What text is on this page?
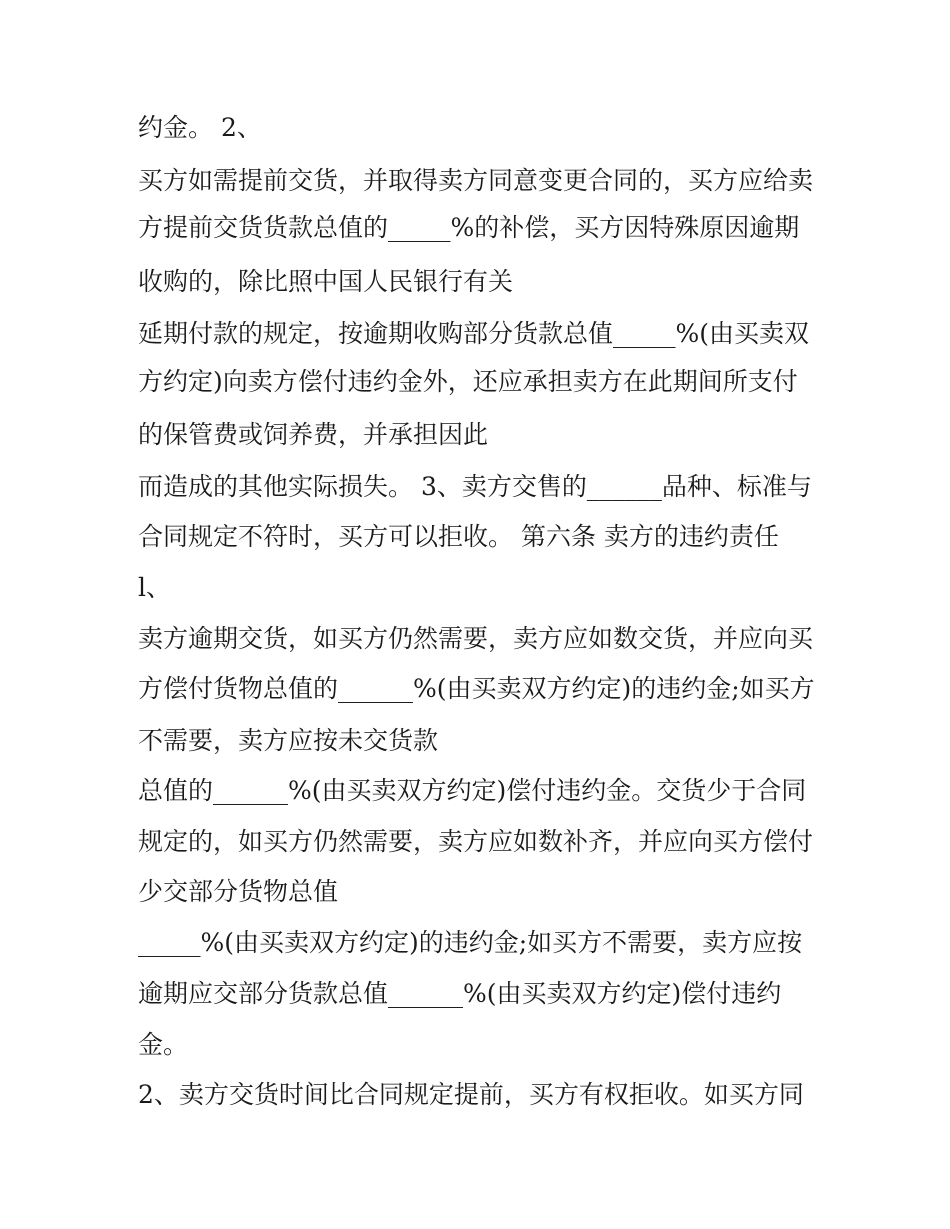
约金。 2、
买方如需提前交货，并取得卖方同意变更合同的，买方应给卖
方提前交货货款总值的_____%的补偿，买方因特殊原因逾期
收购的，除比照中国人民银行有关
延期付款的规定，按逾期收购部分货款总值_____%(由买卖双
方约定)向卖方偿付违约金外，还应承担卖方在此期间所支付
的保管费或饲养费，并承担因此
而造成的其他实际损失。 3、卖方交售的______品种、标准与
合同规定不符时，买方可以拒收。 第六条 卖方的违约责任
l、
卖方逾期交货，如买方仍然需要，卖方应如数交货，并应向买
方偿付货物总值的______%(由买卖双方约定)的违约金;如买方
不需要，卖方应按未交货款
总值的______%(由买卖双方约定)偿付违约金。交货少于合同
规定的，如买方仍然需要，卖方应如数补齐，并应向买方偿付
少交部分货物总值
_____%(由买卖双方约定)的违约金;如买方不需要，卖方应按
逾期应交部分货款总值______%(由买卖双方约定)偿付违约
金。
2、卖方交货时间比合同规定提前，买方有权拒收。如买方同
